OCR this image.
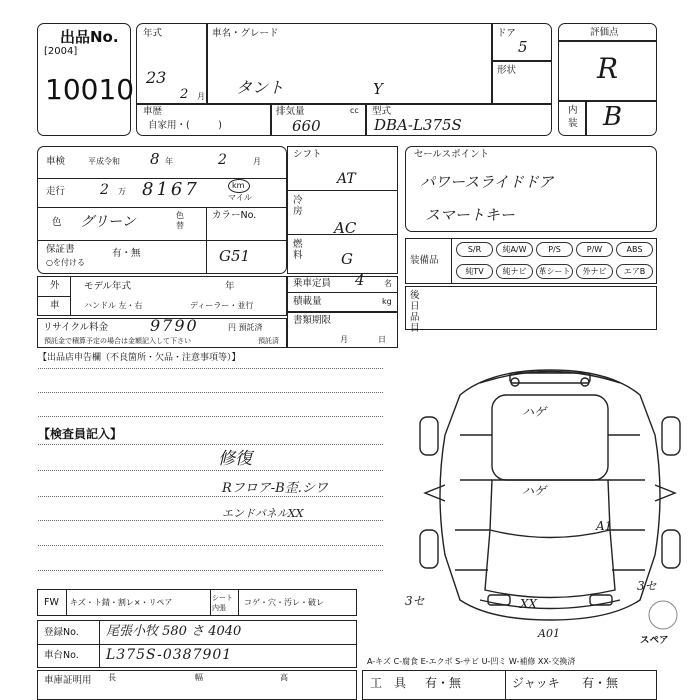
出品No.
[2004]
10010
年式
23
2 月
車名・グレード
タント	Y
ドア
5
形状
車歴
自家用・(　　　)
排気量	cc
660
型式
DBA-L375S
評価点
R
内装 B
車検	平成令和 8 年	2	月
走行 2 万 8167	km
マイル
色 グリーン	色替
カラーNo.
G51
保証書
○を付ける
有・無
シフト
AT
冷房
AC
燃料	G
セールスポイント
パワースライドドア
スマートキー
装備品
S/R	純A/W	P/S	P/W	ABS
純TV	純ナビ	革シート	外ナビ	エアB
外
車
モデル年式	年
ハンドル 左・右	ディーラー・並行
乗車定員 4 名
積載量	kg
リサイクル料金	9790	円 預託済
預託金で積算予定の場合は金額記入して下さい	預託済
書類期限
月	日
後日品目
【出品店申告欄（不良箇所・欠品・注意事項等）】
【検査員記入】
修復
Rフロア-B歪.シワ
エンドパネルXX
ハゲ
ハゲ
A1
3セ
3セ	XX
A01
スペア
A-キズ C-腐食 E-エクボ S-サビ U-凹ミ W-補修 XX-交換済
FW キズ・ト錆・割レ×・リペア	シート内張
コゲ・穴・汚レ・破レ
登録No. 尾張小牧 580 さ 4040
車台No. L375S-0387901
車庫証明用 長	幅	高	工　具 有・無	ジャッキ 有・無
